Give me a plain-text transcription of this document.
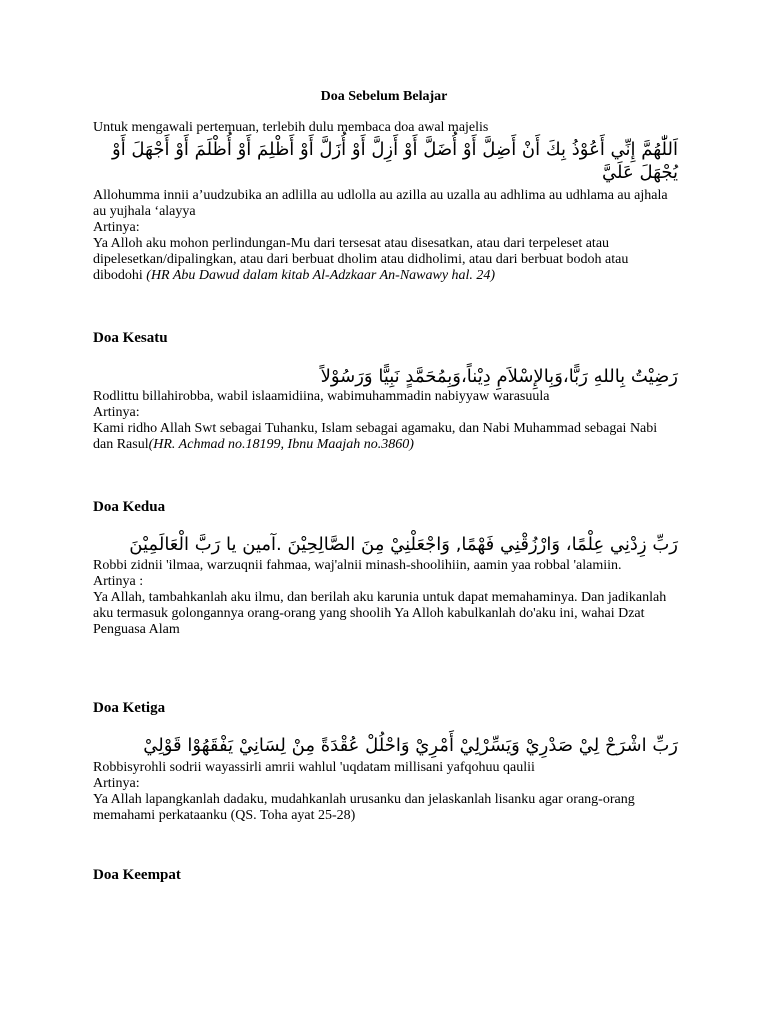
Doa Sebelum Belajar

Untuk mengawali pertemuan, terlebih dulu membaca doa awal majelis

اَللّٰهُمَّ إِنِّي أَعُوْذُ بِكَ أَنْ أَضِلَّ أَوْ أُضَلَّ أَوْ أَزِلَّ أَوْ أُزَلَّ أَوْ أَظْلِمَ أَوْ أُظْلَمَ أَوْ أَجْهَلَ أَوْ يُجْهَلَ عَلَيَّ

Allohumma innii a’uudzubika an adlilla au udlolla au azilla au uzalla au adhlima au udhlama au ajhala au yujhala ‘alayya

Artinya:

Ya Alloh aku mohon perlindungan-Mu dari tersesat atau disesatkan, atau dari terpeleset atau dipelesetkan/dipalingkan, atau dari berbuat dholim atau didholimi, atau dari berbuat bodoh atau dibodohi (HR Abu Dawud dalam kitab Al-Adzkaar An-Nawawy hal. 24)

Doa Kesatu
رَضِيْتُ بِاللهِ رَبًّا،وَبِالإِسْلاَمِ دِيْناً،وَبِمُحَمَّدٍ نَبِيًّا وَرَسُوْلاً

Rodlittu billahirobba, wabil islaamidiina, wabimuhammadin nabiyyaw warasuula

Artinya:

Kami ridho Allah Swt sebagai Tuhanku, Islam sebagai agamaku, dan Nabi Muhammad sebagai Nabi dan Rasul(HR. Achmad no.18199, Ibnu Maajah no.3860)

Doa Kedua
رَبِّ زِدْنِي عِلْمًا، وَارْزُقْنِي فَهْمًا, وَاجْعَلْنِيْ مِنَ الصَّالِحِيْنَ .آمين يا رَبَّ الْعَالَمِيْنَ

Robbi zidnii 'ilmaa, warzuqnii fahmaa, waj'alnii minash-shoolihiin, aamin yaa robbal 'alamiin.

Artinya :

Ya Allah, tambahkanlah aku ilmu, dan berilah aku karunia untuk dapat memahaminya. Dan jadikanlah aku termasuk golongannya orang-orang yang shoolih Ya Alloh kabulkanlah do'aku ini, wahai Dzat Penguasa Alam

Doa Ketiga
رَبِّ اشْرَحْ لِيْ صَدْرِيْ وَيَسِّرْلِيْ أَمْرِيْ وَاحْلُلْ عُقْدَةً مِنْ لِسَانِيْ يَفْقَهُوْا قَوْلِيْ

Robbisyrohli sodrii wayassirli amrii wahlul 'uqdatam millisani yafqohuu qaulii

Artinya:

Ya Allah lapangkanlah dadaku, mudahkanlah urusanku dan jelaskanlah lisanku agar orang-orang memahami perkataanku (QS. Toha ayat 25-28)

Doa Keempat
